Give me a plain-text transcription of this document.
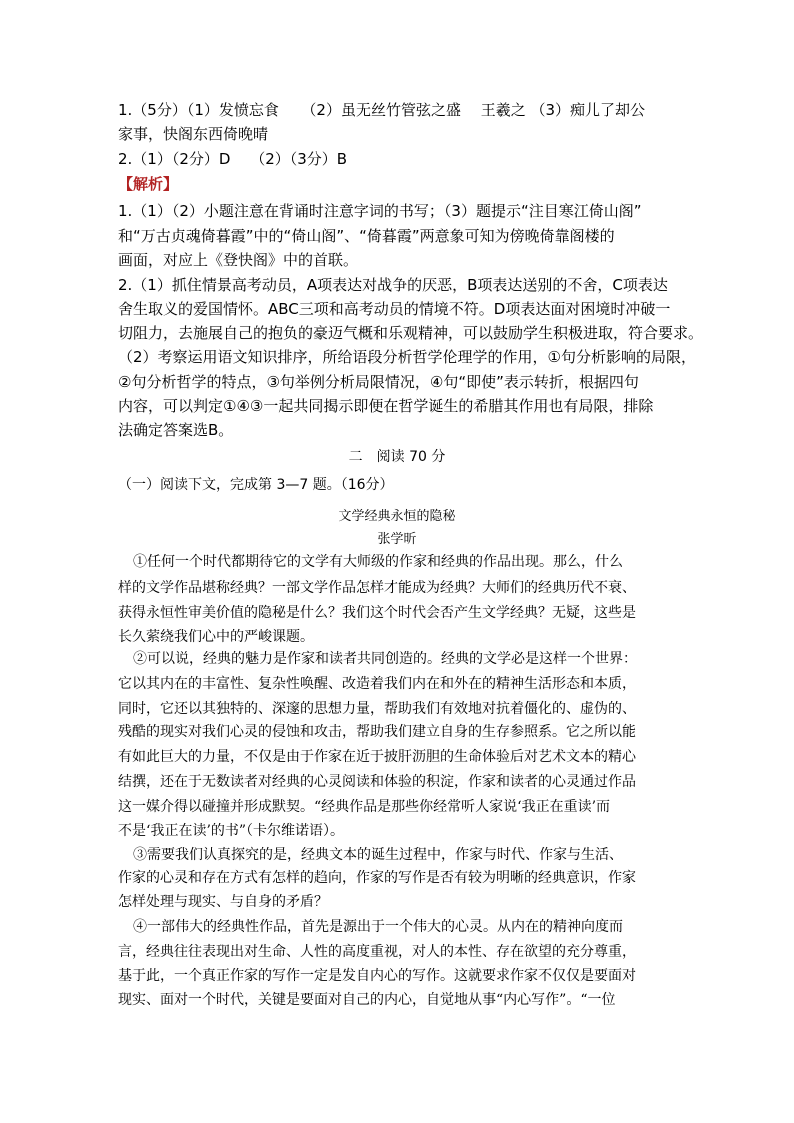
1.（5分）（1）发愤忘食　　（2）虽无丝竹管弦之盛　 王羲之 （3）痴儿了却公
家事，快阁东西倚晚晴
2.（1）（2分）D　 （2）（3分）B
【解析】
1.（1）（2）小题注意在背诵时注意字词的书写；（3）题提示“注目寒江倚山阁”
和“万古贞魂倚暮霞”中的“倚山阁”、“倚暮霞”两意象可知为傍晚倚靠阁楼的
画面，对应上《登快阁》中的首联。
2.（1）抓住情景高考动员，A项表达对战争的厌恶，B项表达送别的不舍，C项表达
舍生取义的爱国情怀。ABC三项和高考动员的情境不符。D项表达面对困境时冲破一
切阻力，去施展自己的抱负的豪迈气概和乐观精神，可以鼓励学生积极进取，符合要求。
（2）考察运用语文知识排序，所给语段分析哲学伦理学的作用，①句分析影响的局限，
②句分析哲学的特点，③句举例分析局限情况，④句“即使”表示转折，根据四句
内容，可以判定①④③一起共同揭示即便在哲学诞生的希腊其作用也有局限，排除
法确定答案选B。
二　阅读 70 分
（一）阅读下文，完成第 3—7 题。（16分）
文学经典永恒的隐秘
张学昕
①任何一个时代都期待它的文学有大师级的作家和经典的作品出现。那么，什么
样的文学作品堪称经典？一部文学作品怎样才能成为经典？大师们的经典历代不衰、
获得永恒性审美价值的隐秘是什么？我们这个时代会否产生文学经典？无疑，这些是
长久萦绕我们心中的严峻课题。
②可以说，经典的魅力是作家和读者共同创造的。经典的文学必是这样一个世界：
它以其内在的丰富性、复杂性唤醒、改造着我们内在和外在的精神生活形态和本质，
同时，它还以其独特的、深邃的思想力量，帮助我们有效地对抗着僵化的、虚伪的、
残酷的现实对我们心灵的侵蚀和攻击，帮助我们建立自身的生存参照系。它之所以能
有如此巨大的力量，不仅是由于作家在近于披肝沥胆的生命体验后对艺术文本的精心
结撰，还在于无数读者对经典的心灵阅读和体验的积淀，作家和读者的心灵通过作品
这一媒介得以碰撞并形成默契。“经典作品是那些你经常听人家说‘我正在重读’而
不是‘我正在读’的书”（卡尔维诺语）。
③需要我们认真探究的是，经典文本的诞生过程中，作家与时代、作家与生活、
作家的心灵和存在方式有怎样的趋向，作家的写作是否有较为明晰的经典意识，作家
怎样处理与现实、与自身的矛盾？
④一部伟大的经典性作品，首先是源出于一个伟大的心灵。从内在的精神向度而
言，经典往往表现出对生命、人性的高度重视，对人的本性、存在欲望的充分尊重，
基于此，一个真正作家的写作一定是发自内心的写作。这就要求作家不仅仅是要面对
现实、面对一个时代，关键是要面对自己的内心，自觉地从事“内心写作”。“一位
